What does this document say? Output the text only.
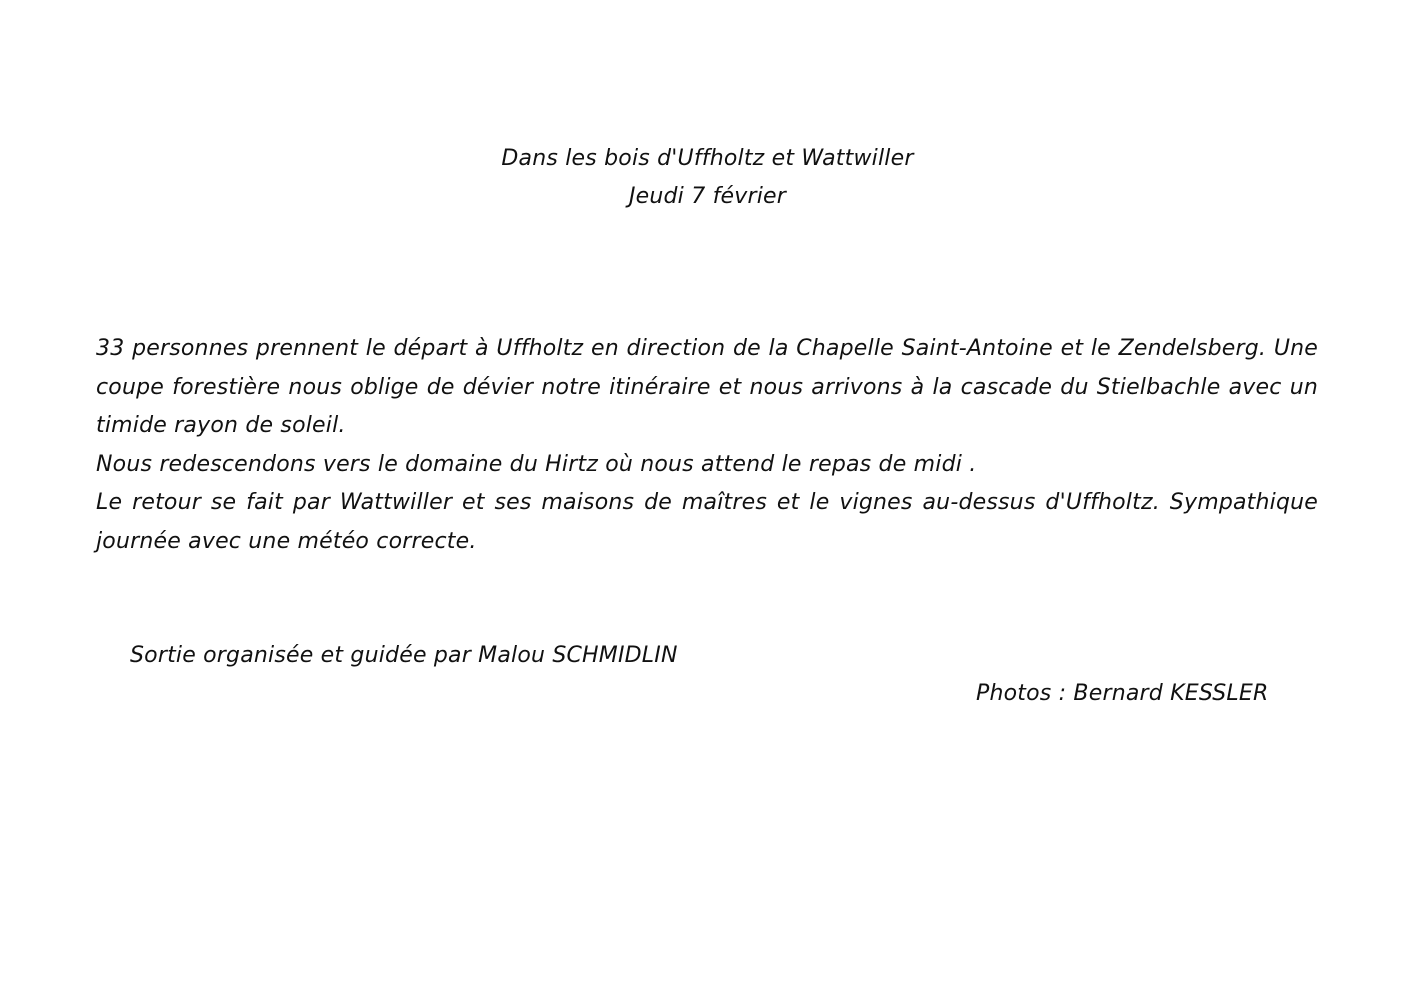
Dans les bois d'Uffholtz et Wattwiller
Jeudi 7 février

33 personnes prennent le départ à Uffholtz en direction de la Chapelle Saint-Antoine et le Zendelsberg. Une coupe forestière nous oblige de dévier notre itinéraire et nous arrivons à la cascade du Stielbachle avec un timide rayon de soleil.

Nous redescendons vers le domaine du Hirtz où nous attend le repas de midi .

Le retour se fait par Wattwiller et ses maisons de maîtres et le vignes au-dessus d'Uffholtz. Sympathique journée avec une météo correcte.

Sortie organisée et guidée par Malou SCHMIDLIN
Photos : Bernard KESSLER
